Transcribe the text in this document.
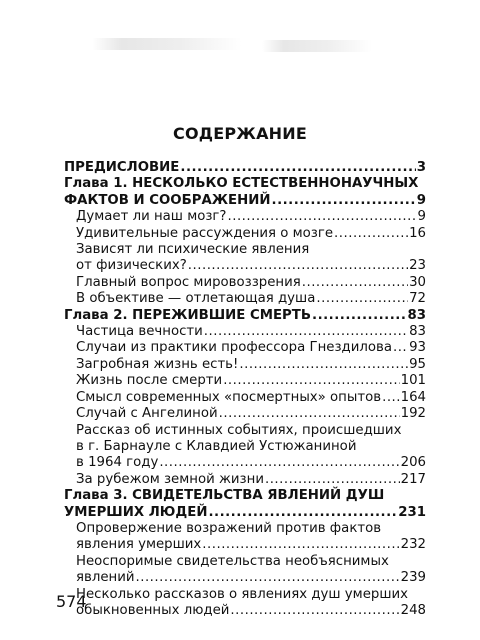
СОДЕРЖАНИЕ
ПРЕДИСЛОВИЕ .....	3
Глава 1. НЕСКОЛЬКО ЕСТЕСТВЕННОНАУЧНЫХ
ФАКТОВ И СООБРАЖЕНИЙ .....	9
Думает ли наш мозг? .....	9
Удивительные рассуждения о мозге .....	16
Зависят ли психические явления
от физических? .....	23
Главный вопрос мировоззрения .....	30
В объективе — отлетающая душа .....	72
Глава 2. ПЕРЕЖИВШИЕ СМЕРТЬ .....	83
Частица вечности .....	83
Случаи из практики профессора Гнездилова ..... 93
Загробная жизнь есть! .....	95
Жизнь после смерти .....	101
Смысл современных «посмертных» опытов ..... 164
Случай с Ангелиной .....	192
Рассказ об истинных событиях, происшедших
в г. Барнауле с Клавдией Устюжаниной
в 1964 году .....	206
За рубежом земной жизни .....	217
Глава 3. СВИДЕТЕЛЬСТВА ЯВЛЕНИЙ ДУШ
УМЕРШИХ ЛЮДЕЙ .....	231
Опровержение возражений против фактов
явления умерших .....	232
Неоспоримые свидетельства необъяснимых
явлений .....	239
Несколько рассказов о явлениях душ умерших
обыкновенных людей .....	248
574
